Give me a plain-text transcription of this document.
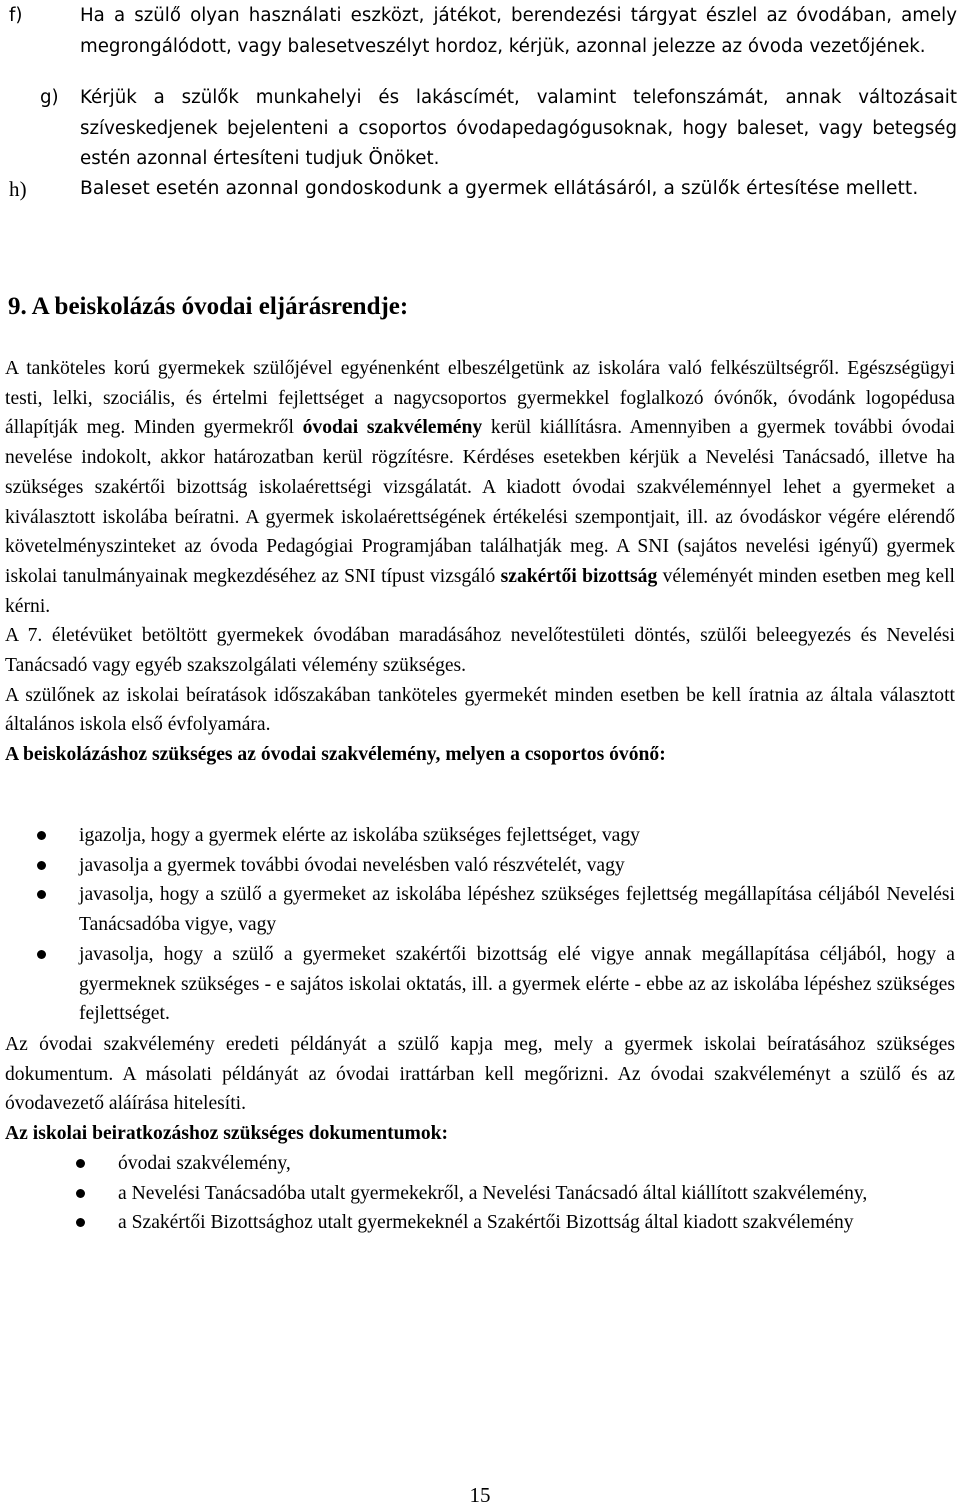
f)	Ha a szülő olyan használati eszközt, játékot, berendezési tárgyat észlel az óvodában, amely megrongálódott, vagy balesetveszélyt hordoz, kérjük, azonnal jelezze az óvoda vezetőjének.
g)	Kérjük a szülők munkahelyi és lakáscímét, valamint telefonszámát, annak változásait szíveskedjenek bejelenteni a csoportos óvodapedagógusoknak, hogy baleset, vagy betegség estén azonnal értesíteni tudjuk Önöket.
h)	Baleset esetén azonnal gondoskodunk a gyermek ellátásáról, a szülők értesítése mellett.
9. A beiskolázás óvodai eljárásrendje:

A tanköteles korú gyermekek szülőjével egyénenként elbeszélgetünk az iskolára való felkészültségről. Egészségügyi testi, lelki, szociális, és értelmi fejlettséget a nagycsoportos gyermekkel foglalkozó óvónők, óvodánk logopédusa állapítják meg. Minden gyermekről óvodai szakvélemény kerül kiállításra. Amennyiben a gyermek további óvodai nevelése indokolt, akkor határozatban kerül rögzítésre. Kérdéses esetekben kérjük a Nevelési Tanácsadó, illetve ha szükséges szakértői bizottság iskolaérettségi vizsgálatát. A kiadott óvodai szakvéleménnyel lehet a gyermeket a kiválasztott iskolába beíratni. A gyermek iskolaérettségének értékelési szempontjait, ill. az óvodáskor végére elérendő követelményszinteket az óvoda Pedagógiai Programjában találhatják meg. A SNI (sajátos nevelési igényű) gyermek iskolai tanulmányainak megkezdéséhez az SNI típust vizsgáló szakértői bizottság véleményét minden esetben meg kell kérni.

A 7. életévüket betöltött gyermekek óvodában maradásához nevelőtestületi döntés, szülői beleegyezés és Nevelési Tanácsadó vagy egyéb szakszolgálati vélemény szükséges.

A szülőnek az iskolai beíratások időszakában tanköteles gyermekét minden esetben be kell íratnia az általa választott általános iskola első évfolyamára.

A beiskolázáshoz szükséges az óvodai szakvélemény, melyen a csoportos óvónő:

igazolja, hogy a gyermek elérte az iskolába szükséges fejlettséget, vagy
javasolja a gyermek további óvodai nevelésben való részvételét, vagy
javasolja, hogy a szülő a gyermeket az iskolába lépéshez szükséges fejlettség megállapítása céljából Nevelési Tanácsadóba vigye, vagy
javasolja, hogy a szülő a gyermeket szakértői bizottság elé vigye annak megállapítása céljából, hogy a gyermeknek szükséges - e sajátos iskolai oktatás, ill. a gyermek elérte - ebbe az az iskolába lépéshez szükséges fejlettséget.

Az óvodai szakvélemény eredeti példányát a szülő kapja meg, mely a gyermek iskolai beíratásához szükséges dokumentum. A másolati példányát az óvodai irattárban kell megőrizni. Az óvodai szakvéleményt a szülő és az óvodavezető aláírása hitelesíti.

Az iskolai beiratkozáshoz szükséges dokumentumok:

óvodai szakvélemény,
a Nevelési Tanácsadóba utalt gyermekekről, a Nevelési Tanácsadó által kiállított szakvélemény,
a Szakértői Bizottsághoz utalt gyermekeknél a Szakértői Bizottság által kiadott szakvélemény
15
